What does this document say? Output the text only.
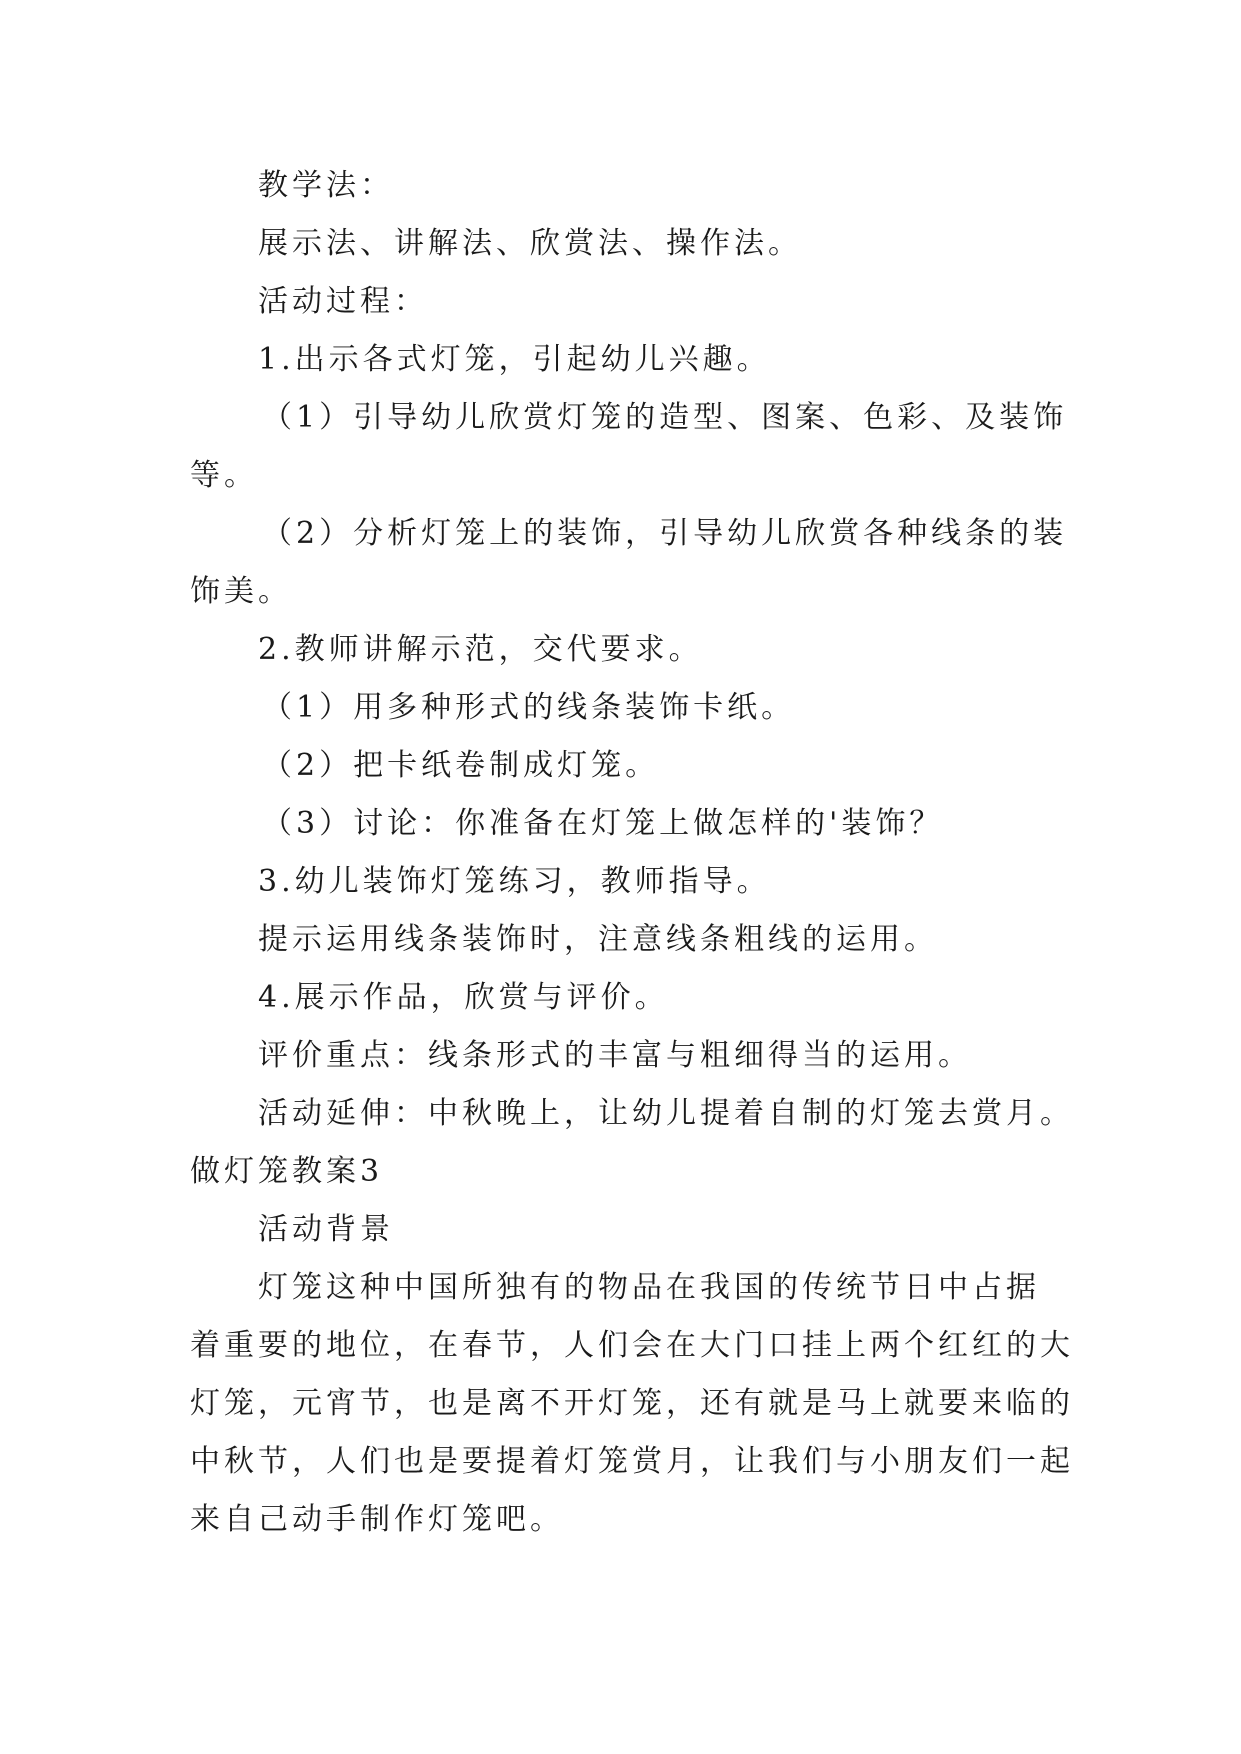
教学法：
展示法、讲解法、欣赏法、操作法。
活动过程：
1.出示各式灯笼，引起幼儿兴趣。
（1）引导幼儿欣赏灯笼的造型、图案、色彩、及装饰
等。
（2）分析灯笼上的装饰，引导幼儿欣赏各种线条的装
饰美。
2.教师讲解示范，交代要求。
（1）用多种形式的线条装饰卡纸。
（2）把卡纸卷制成灯笼。
（3）讨论：你准备在灯笼上做怎样的'装饰？
3.幼儿装饰灯笼练习，教师指导。
提示运用线条装饰时，注意线条粗线的运用。
4.展示作品，欣赏与评价。
评价重点：线条形式的丰富与粗细得当的运用。
活动延伸：中秋晚上，让幼儿提着自制的灯笼去赏月。
做灯笼教案3
活动背景
灯笼这种中国所独有的物品在我国的传统节日中占据
着重要的地位，在春节，人们会在大门口挂上两个红红的大
灯笼，元宵节，也是离不开灯笼，还有就是马上就要来临的
中秋节，人们也是要提着灯笼赏月，让我们与小朋友们一起
来自己动手制作灯笼吧。
